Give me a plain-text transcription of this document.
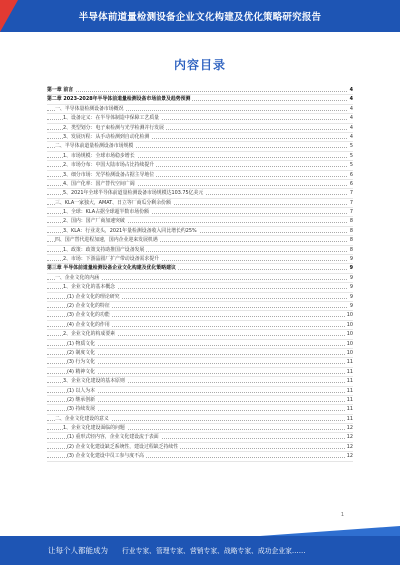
半导体前道量检测设备企业文化构建及优化策略研究报告
内容目录
第一章 前言	4
第二章 2023-2028年半导体前道量检测设备市场前景及趋势预测	4
一、半导体量检测设备市场概况	4
1、设备定义：在半导体制造中保障工艺质量	4
2、类型划分：电子束检测与光学检测并行发展	4
3、发展历程：从手动检测到自动化检测	4
二、半导体前道量检测设备市场规模	5
1、市场规模：全球市场稳步增长	5
2、市场分布：中国大陆市场占比持续提升	5
3、细分市场：光学检测设备占据主导地位	6
4、国产化率：国产替代空间广阔	6
5、2021年全球半导体前道量检测设备市场规模达103.75亿美元	7
三、KLA一家独大，AMAT、日立等厂商瓜分剩余份额	7
1、全球：KLA占据全球超半数市场份额	7
2、国内：国产厂商加速突破	8
3、KLA：行业龙头，2021年量检测设备收入同比增长约25%	8
四、国产替代进程加速，国内企业迎来发展机遇	8
1、政策：政策支持助推国产设备发展	8
2、市场：下游晶圆厂扩产带动设备需求提升	9
第三章 半导体前道量检测设备企业文化构建及优化策略建议	9
一、企业文化的内涵	9
1、企业文化的基本概念	9
(1) 企业文化的理论研究	9
(2) 企业文化的特征	9
(3) 企业文化的功能	10
(4) 企业文化的作用	10
2、企业文化的构成要素	10
(1) 物质文化	10
(2) 制度文化	10
(3) 行为文化	11
(4) 精神文化	11
3、企业文化建设的基本原则	11
(1) 以人为本	11
(2) 继承创新	11
(3) 持续发展	11
二、企业文化建设的意义	11
1、企业文化建设面临的问题	12
(1) 重形式轻内容，企业文化建设流于表面	12
(2) 企业文化建设缺乏系统性，建设过程缺乏持续性	12
(3) 企业文化建设中员工参与度不高	12
1
让每个人都能成为 行业专家、管理专家、营销专家、战略专家、成功企业家……
